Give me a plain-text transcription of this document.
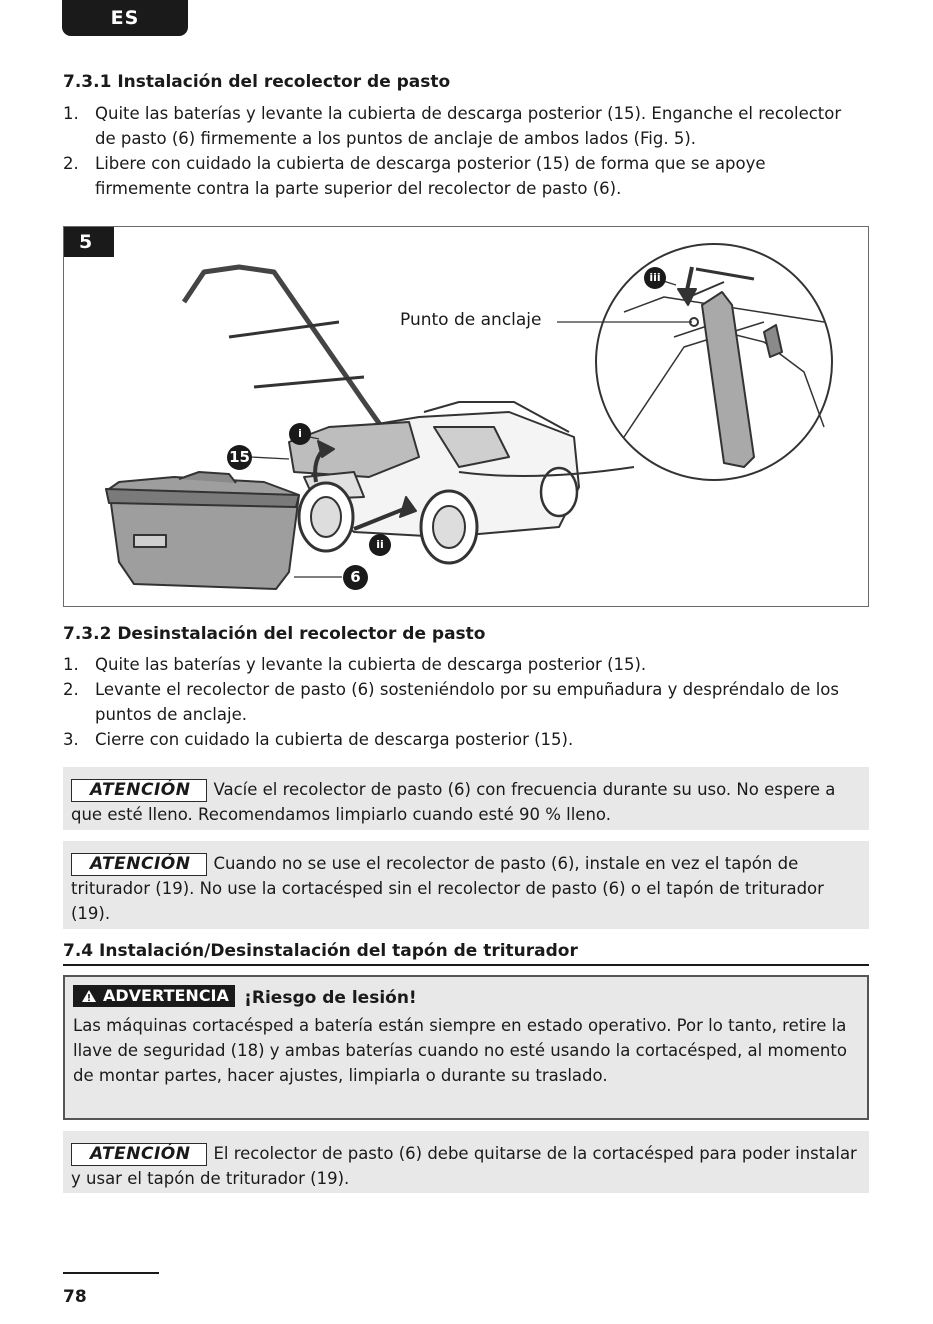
ES
7.3.1 Instalación del recolector de pasto
1. Quite las baterías y levante la cubierta de descarga posterior (15). Enganche el recolector de pasto (6) firmemente a los puntos de anclaje de ambos lados (Fig. 5).
2. Libere con cuidado la cubierta de descarga posterior (15) de forma que se apoye firmemente contra la parte superior del recolector de pasto (6).
5
Punto de anclaje
i
ii
iii
15
6
7.3.2 Desinstalación del recolector de pasto
1. Quite las baterías y levante la cubierta de descarga posterior (15).
2. Levante el recolector de pasto (6) sosteniéndolo por su empuñadura y despréndalo de los puntos de anclaje.
3. Cierre con cuidado la cubierta de descarga posterior (15).
ATENCIÓN Vacíe el recolector de pasto (6) con frecuencia durante su uso. No espere a que esté lleno. Recomendamos limpiarlo cuando esté 90 % lleno.
ATENCIÓN Cuando no se use el recolector de pasto (6), instale en vez el tapón de triturador (19). No use la cortacésped sin el recolector de pasto (6) o el tapón de triturador (19).
7.4 Instalación/Desinstalación del tapón de triturador
ADVERTENCIA ¡Riesgo de lesión!
Las máquinas cortacésped a batería están siempre en estado operativo. Por lo tanto, retire la llave de seguridad (18) y ambas baterías cuando no esté usando la cortacésped, al momento de montar partes, hacer ajustes, limpiarla o durante su traslado.
ATENCIÓN El recolector de pasto (6) debe quitarse de la cortacésped para poder instalar y usar el tapón de triturador (19).
78
